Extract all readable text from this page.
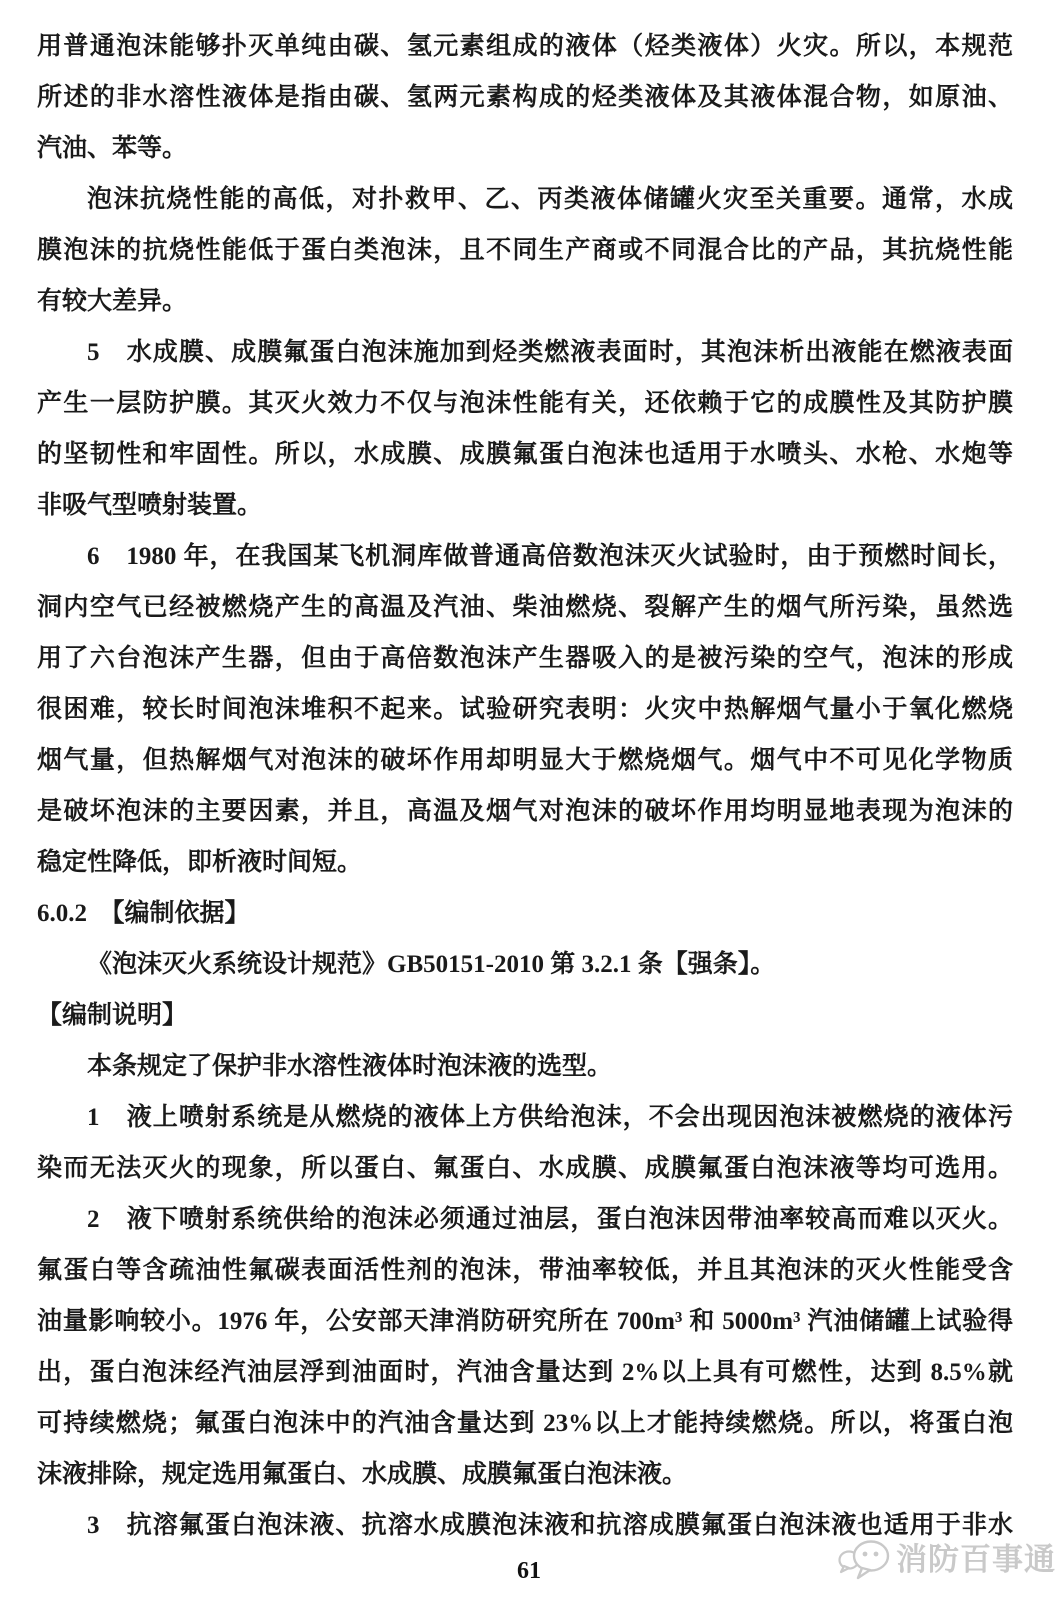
用普通泡沫能够扑灭单纯由碳、氢元素组成的液体（烃类液体）火灾。所以，本规范
所述的非水溶性液体是指由碳、氢两元素构成的烃类液体及其液体混合物，如原油、
汽油、苯等。
泡沫抗烧性能的高低，对扑救甲、乙、丙类液体储罐火灾至关重要。通常，水成
膜泡沫的抗烧性能低于蛋白类泡沫，且不同生产商或不同混合比的产品，其抗烧性能
有较大差异。
5　水成膜、成膜氟蛋白泡沫施加到烃类燃液表面时，其泡沫析出液能在燃液表面
产生一层防护膜。其灭火效力不仅与泡沫性能有关，还依赖于它的成膜性及其防护膜
的坚韧性和牢固性。所以，水成膜、成膜氟蛋白泡沫也适用于水喷头、水枪、水炮等
非吸气型喷射装置。
6　1980 年，在我国某飞机洞库做普通高倍数泡沫灭火试验时，由于预燃时间长，
洞内空气已经被燃烧产生的高温及汽油、柴油燃烧、裂解产生的烟气所污染，虽然选
用了六台泡沫产生器，但由于高倍数泡沫产生器吸入的是被污染的空气，泡沫的形成
很困难，较长时间泡沫堆积不起来。试验研究表明：火灾中热解烟气量小于氧化燃烧
烟气量，但热解烟气对泡沫的破坏作用却明显大于燃烧烟气。烟气中不可见化学物质
是破坏泡沫的主要因素，并且，高温及烟气对泡沫的破坏作用均明显地表现为泡沫的
稳定性降低，即析液时间短。
6.0.2　【编制依据】
《泡沫灭火系统设计规范》GB50151-2010 第 3.2.1 条【强条】。
【编制说明】
本条规定了保护非水溶性液体时泡沫液的选型。
1　液上喷射系统是从燃烧的液体上方供给泡沫，不会出现因泡沫被燃烧的液体污
染而无法灭火的现象，所以蛋白、氟蛋白、水成膜、成膜氟蛋白泡沫液等均可选用。
2　液下喷射系统供给的泡沫必须通过油层，蛋白泡沫因带油率较高而难以灭火。
氟蛋白等含疏油性氟碳表面活性剂的泡沫，带油率较低，并且其泡沫的灭火性能受含
油量影响较小。1976 年，公安部天津消防研究所在 700m³ 和 5000m³ 汽油储罐上试验得
出，蛋白泡沫经汽油层浮到油面时，汽油含量达到 2%以上具有可燃性，达到 8.5%就
可持续燃烧；氟蛋白泡沫中的汽油含量达到 23%以上才能持续燃烧。所以，将蛋白泡
沫液排除，规定选用氟蛋白、水成膜、成膜氟蛋白泡沫液。
3　抗溶氟蛋白泡沫液、抗溶水成膜泡沫液和抗溶成膜氟蛋白泡沫液也适用于非水
消防百事通
61
